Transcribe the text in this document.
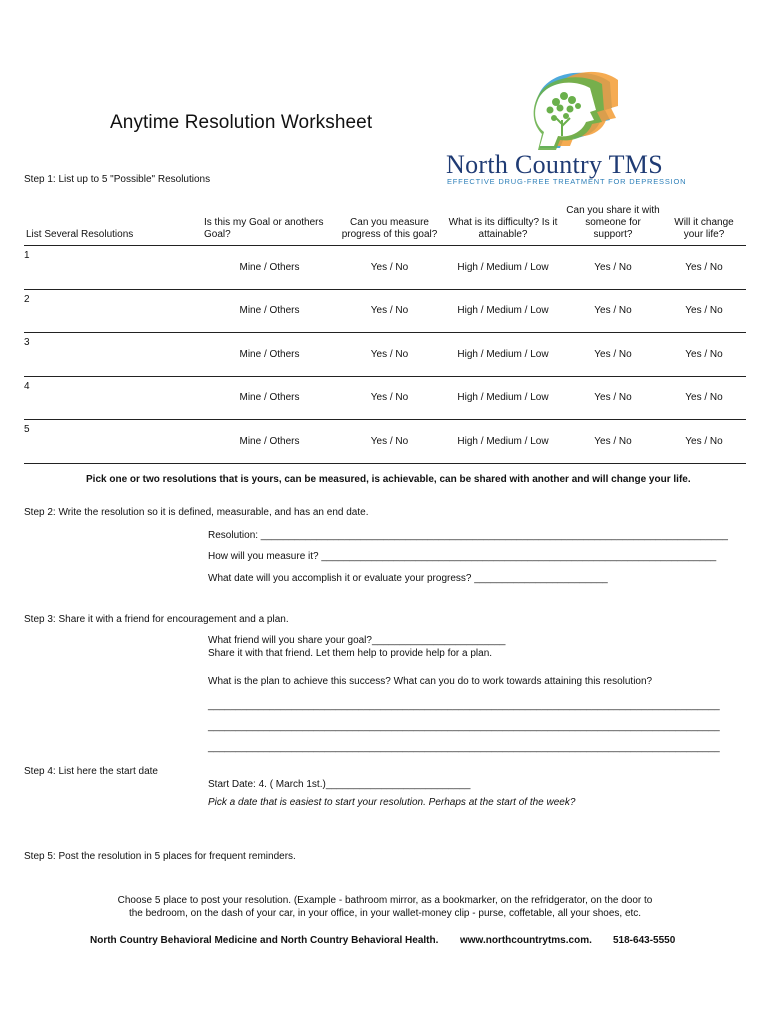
Anytime Resolution Worksheet
North Country TMS
EFFECTIVE DRUG-FREE TREATMENT FOR DEPRESSION
Step 1: List up to 5 "Possible" Resolutions
List Several Resolutions	Is this my Goal or anothers Goal?	Can you measure progress of this goal?	What is its difficulty? Is it attainable?	Can you share it with someone for support?	Will it change your life?
1	Mine / Others	Yes / No	High / Medium / Low	Yes / No	Yes / No
2	Mine / Others	Yes / No	High / Medium / Low	Yes / No	Yes / No
3	Mine / Others	Yes / No	High / Medium / Low	Yes / No	Yes / No
4	Mine / Others	Yes / No	High / Medium / Low	Yes / No	Yes / No
5	Mine / Others	Yes / No	High / Medium / Low	Yes / No	Yes / No
Pick one or two resolutions that is yours, can be measured, is achievable, can be shared with another and will change your life.
Step 2: Write the resolution so it is defined, measurable, and has an end date.
Resolution: ____________________________________________________________________________________
How will you measure it? _______________________________________________________________________
What date will you accomplish it or evaluate your progress? ________________________
Step 3: Share it with a friend for encouragement and a plan.
What friend will you share your goal?________________________
Share it with that friend. Let them help to provide help for a plan.
What is the plan to achieve this success? What can you do to work towards attaining this resolution?
____________________________________________________________________________________________
____________________________________________________________________________________________
____________________________________________________________________________________________
Step 4: List here the start date
Start Date: 4. ( March 1st.)__________________________
Pick a date that is easiest to start your resolution. Perhaps at the start of the week?
Step 5: Post the resolution in 5 places for frequent reminders.
Choose 5 place to post your resolution. (Example - bathroom mirror, as a bookmarker, on the refridgerator, on the door to
the bedroom, on the dash of your car, in your office, in your wallet-money clip - purse, coffetable, all your shoes, etc.
North Country Behavioral Medicine and North Country Behavioral Health. www.northcountrytms.com. 518-643-5550
